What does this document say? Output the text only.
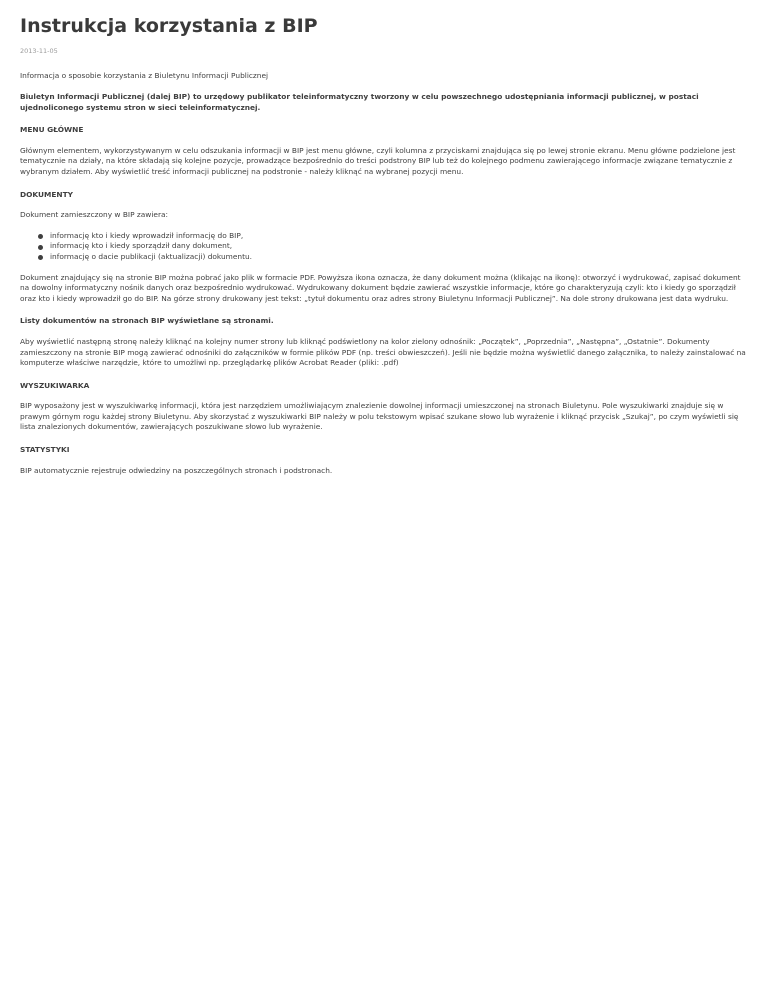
Instrukcja korzystania z BIP
2013-11-05

Informacja o sposobie korzystania z Biuletynu Informacji Publicznej

Biuletyn Informacji Publicznej (dalej BIP) to urzędowy publikator teleinformatyczny tworzony w celu powszechnego udostępniania informacji publicznej, w postaci ujednoliconego systemu stron w sieci teleinformatycznej.

MENU GŁÓWNE

Głównym elementem, wykorzystywanym w celu odszukania informacji w BIP jest menu główne, czyli kolumna z przyciskami znajdująca się po lewej stronie ekranu. Menu główne podzielone jest tematycznie na działy, na które składają się kolejne pozycje, prowadzące bezpośrednio do treści podstrony BIP lub też do kolejnego podmenu zawierającego informacje związane tematycznie z wybranym działem. Aby wyświetlić treść informacji publicznej na podstronie - należy kliknąć na wybranej pozycji menu.

DOKUMENTY

Dokument zamieszczony w BIP zawiera:

informację kto i kiedy wprowadził informację do BIP,
informację kto i kiedy sporządził dany dokument,
informację o dacie publikacji (aktualizacji) dokumentu.

Dokument znajdujący się na stronie BIP można pobrać jako plik w formacie PDF. Powyższa ikona oznacza, że dany dokument można (klikając na ikonę): otworzyć i wydrukować, zapisać dokument na dowolny informatyczny nośnik danych oraz bezpośrednio wydrukować. Wydrukowany dokument będzie zawierać wszystkie informacje, które go charakteryzują czyli: kto i kiedy go sporządził oraz kto i kiedy wprowadził go do BIP. Na górze strony drukowany jest tekst: „tytuł dokumentu oraz adres strony Biuletynu Informacji Publicznej”. Na dole strony drukowana jest data wydruku.

Listy dokumentów na stronach BIP wyświetlane są stronami.

Aby wyświetlić następną stronę należy kliknąć na kolejny numer strony lub kliknąć podświetlony na kolor zielony odnośnik: „Początek”, „Poprzednia”, „Następna”, „Ostatnie”. Dokumenty zamieszczony na stronie BIP mogą zawierać odnośniki do załączników w formie plików PDF (np. treści obwieszczeń). Jeśli nie będzie można wyświetlić danego załącznika, to należy zainstalować na komputerze właściwe narzędzie, które to umożliwi np. przeglądarkę plików Acrobat Reader (pliki: .pdf)

WYSZUKIWARKA

BIP wyposażony jest w wyszukiwarkę informacji, która jest narzędziem umożliwiającym znalezienie dowolnej informacji umieszczonej na stronach Biuletynu. Pole wyszukiwarki znajduje się w prawym górnym rogu każdej strony Biuletynu. Aby skorzystać z wyszukiwarki BIP należy w polu tekstowym wpisać szukane słowo lub wyrażenie i kliknąć przycisk „Szukaj”, po czym wyświetli się lista znalezionych dokumentów, zawierających poszukiwane słowo lub wyrażenie.

STATYSTYKI

BIP automatycznie rejestruje odwiedziny na poszczególnych stronach i podstronach.
